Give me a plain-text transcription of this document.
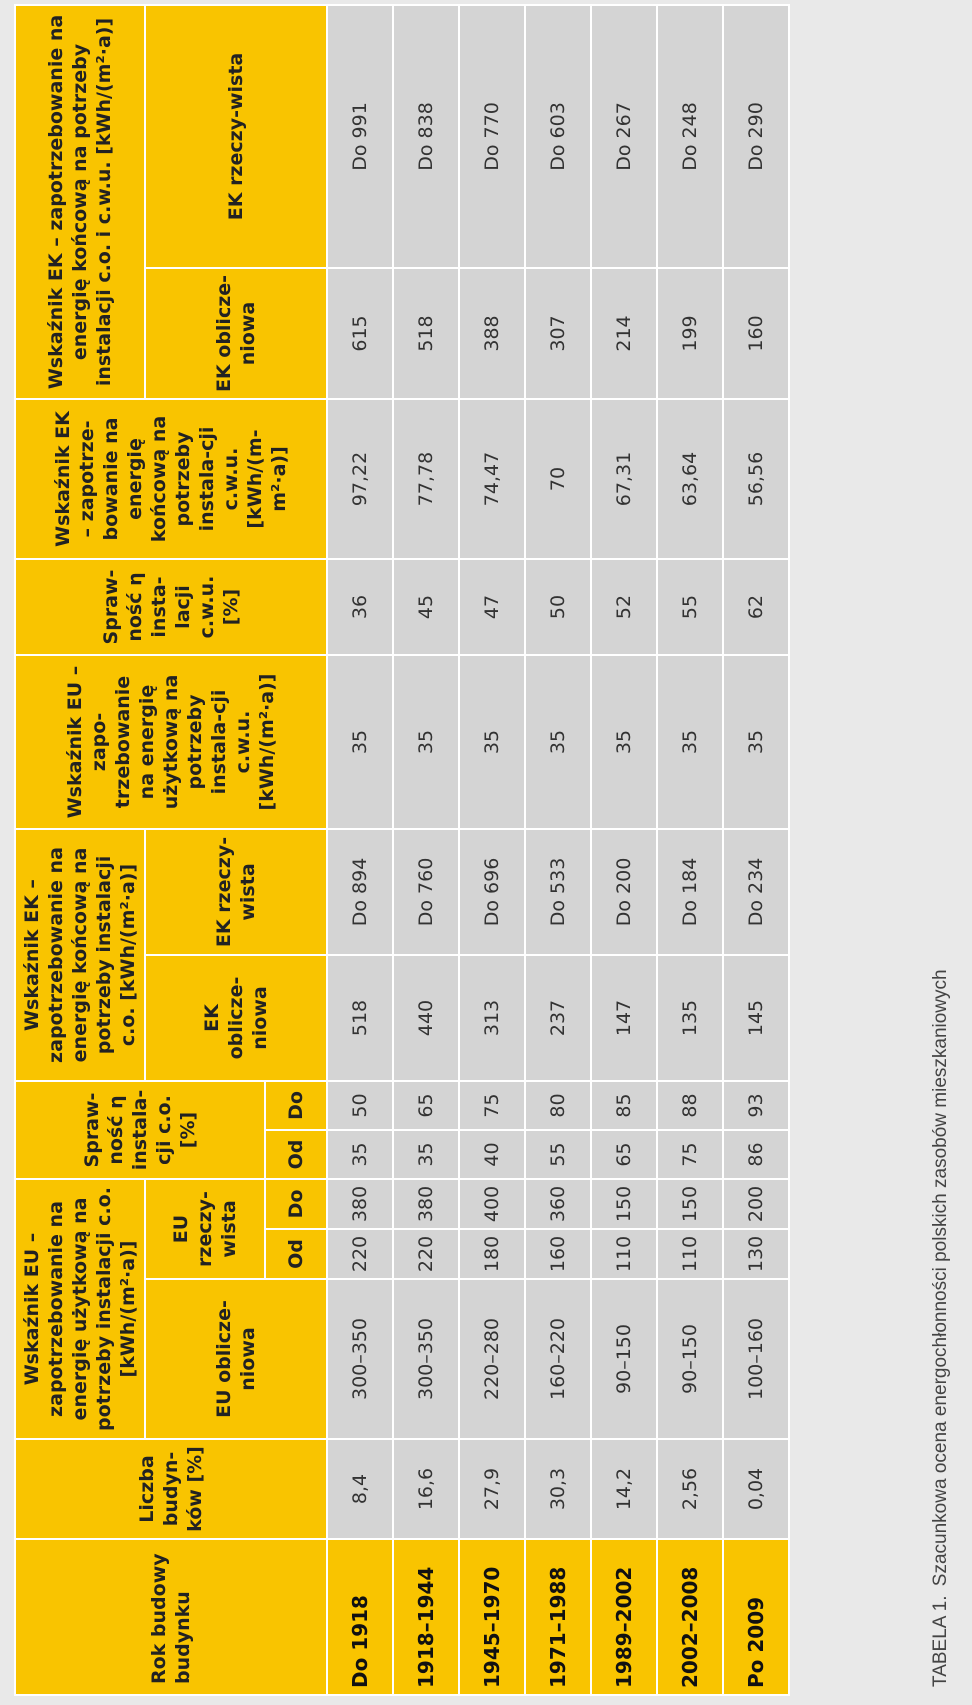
Rok budowy budynku	Liczba budyn-ków [%]	Wskaźnik EU – zapotrzebowanie na energię użytkową na potrzeby instalacji c.o. [kWh/(m²·a)]			Spraw-ność η instala-cji c.o. [%]		Wskaźnik EK – zapotrzebowanie na energię końcową na potrzeby instalacji c.o. [kWh/(m²·a)]		Wskaźnik EU – zapo-trzebowanie na energię użytkową na potrzeby instala-cji c.w.u. [kWh/(m²·a)]	Spraw-ność η insta-lacji c.w.u. [%]	Wskaźnik EK – zapotrze-bowanie na energię końcową na potrzeby instala-cji c.w.u. [kWh/(m-m²·a)]	Wskaźnik EK – zapotrzebowanie na energię końcową na potrzeby instalacji c.o. i c.w.u. [kWh/(m²·a)]	
		EU oblicze-niowa	EU rzeczy-wista				EK oblicze-niowa	EK rzeczy-wista				EK oblicze-niowa	EK rzeczy-wista
			Od	Do	Od	Do							
Do 1918	8,4	300–350	220	380	35	50	518	Do 894	35	36	97,22	615	Do 991
1918–1944	16,6	300–350	220	380	35	65	440	Do 760	35	45	77,78	518	Do 838
1945–1970	27,9	220–280	180	400	40	75	313	Do 696	35	47	74,47	388	Do 770
1971–1988	30,3	160–220	160	360	55	80	237	Do 533	35	50	70	307	Do 603
1989–2002	14,2	90–150	110	150	65	85	147	Do 200	35	52	67,31	214	Do 267
2002–2008	2,56	90–150	110	150	75	88	135	Do 184	35	55	63,64	199	Do 248
Po 2009	0,04	100–160	130	200	86	93	145	Do 234	35	62	56,56	160	Do 290
TABELA 1. Szacunkowa ocena energochłonności polskich zasobów mieszkaniowych
